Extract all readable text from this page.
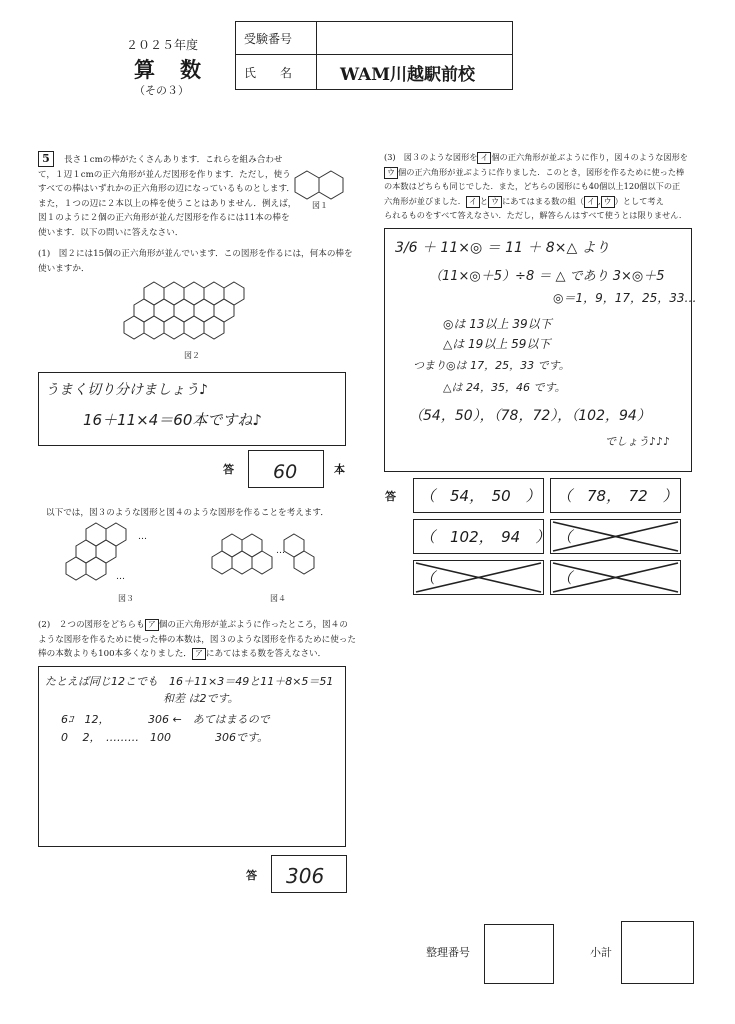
２０２５年度
算　数
（その３）
受験番号
氏　　名	WAM川越駅前校
5	長さ１cmの棒がたくさんあります．これらを組み合わせ
て，１辺１cmの正六角形が並んだ図形を作ります．ただし，使う
すべての棒はいずれかの正六角形の辺になっているものとします．
また，１つの辺に２本以上の棒を使うことはありません．例えば，
図１のように２個の正六角形が並んだ図形を作るには11本の棒を
使います．以下の問いに答えなさい．
図１
(1)　図２には15個の正六角形が並んでいます．この図形を作るには，何本の棒を
使いますか．
図２
うまく切り分けましょう♪
16＋11×4＝60本ですね♪
答 60	本
以下では，図３のような図形と図４のような図形を作ることを考えます．
…
…
図３
…
図４
(2)　２つの図形をどちらも ア 個の正六角形が並ぶように作ったところ，図４の
ような図形を作るために使った棒の本数は，図３のような図形を作るために使った
棒の本数よりも100本多くなりました． ア にあてはまる数を答えなさい．
たとえば同じ12こでも　16＋11×3＝49と11＋8×5＝51
和差 は2です。
6ｺ　12，　　　　306 ←　あてはまるので
0　 2，　………　100　　　　306です。
答 306
(3)　図３のような図形を イ 個の正六角形が並ぶように作り，図４のような図形を
ウ 個の正六角形が並ぶように作りました．このとき，図形を作るために使った棒
の本数はどちらも同じでした．また，どちらの図形にも40個以上120個以下の正
六角形が並びました． イ と ウ にあてはまる数の組（ イ , ウ ）として考え
られるものをすべて答えなさい．ただし，解答らんはすべて使うとは限りません．
3/6 ＋ 11×◎ ＝ 11 ＋ 8×△ より
（11×◎＋5）÷8 ＝ △ であり 3×◎＋5
◎＝1，9，17，25，33…
◎は 13以上 39以下
△は 19以上 59以下
つまり◎は 17，25，33 です。
△は 24，35，46 です。
（54，50），（78，72），（102，94）
でしょう♪♪♪
答 （　54，　50　） （　78，　72　）
（　102，　94　） （
（	（
整理番号	小計
